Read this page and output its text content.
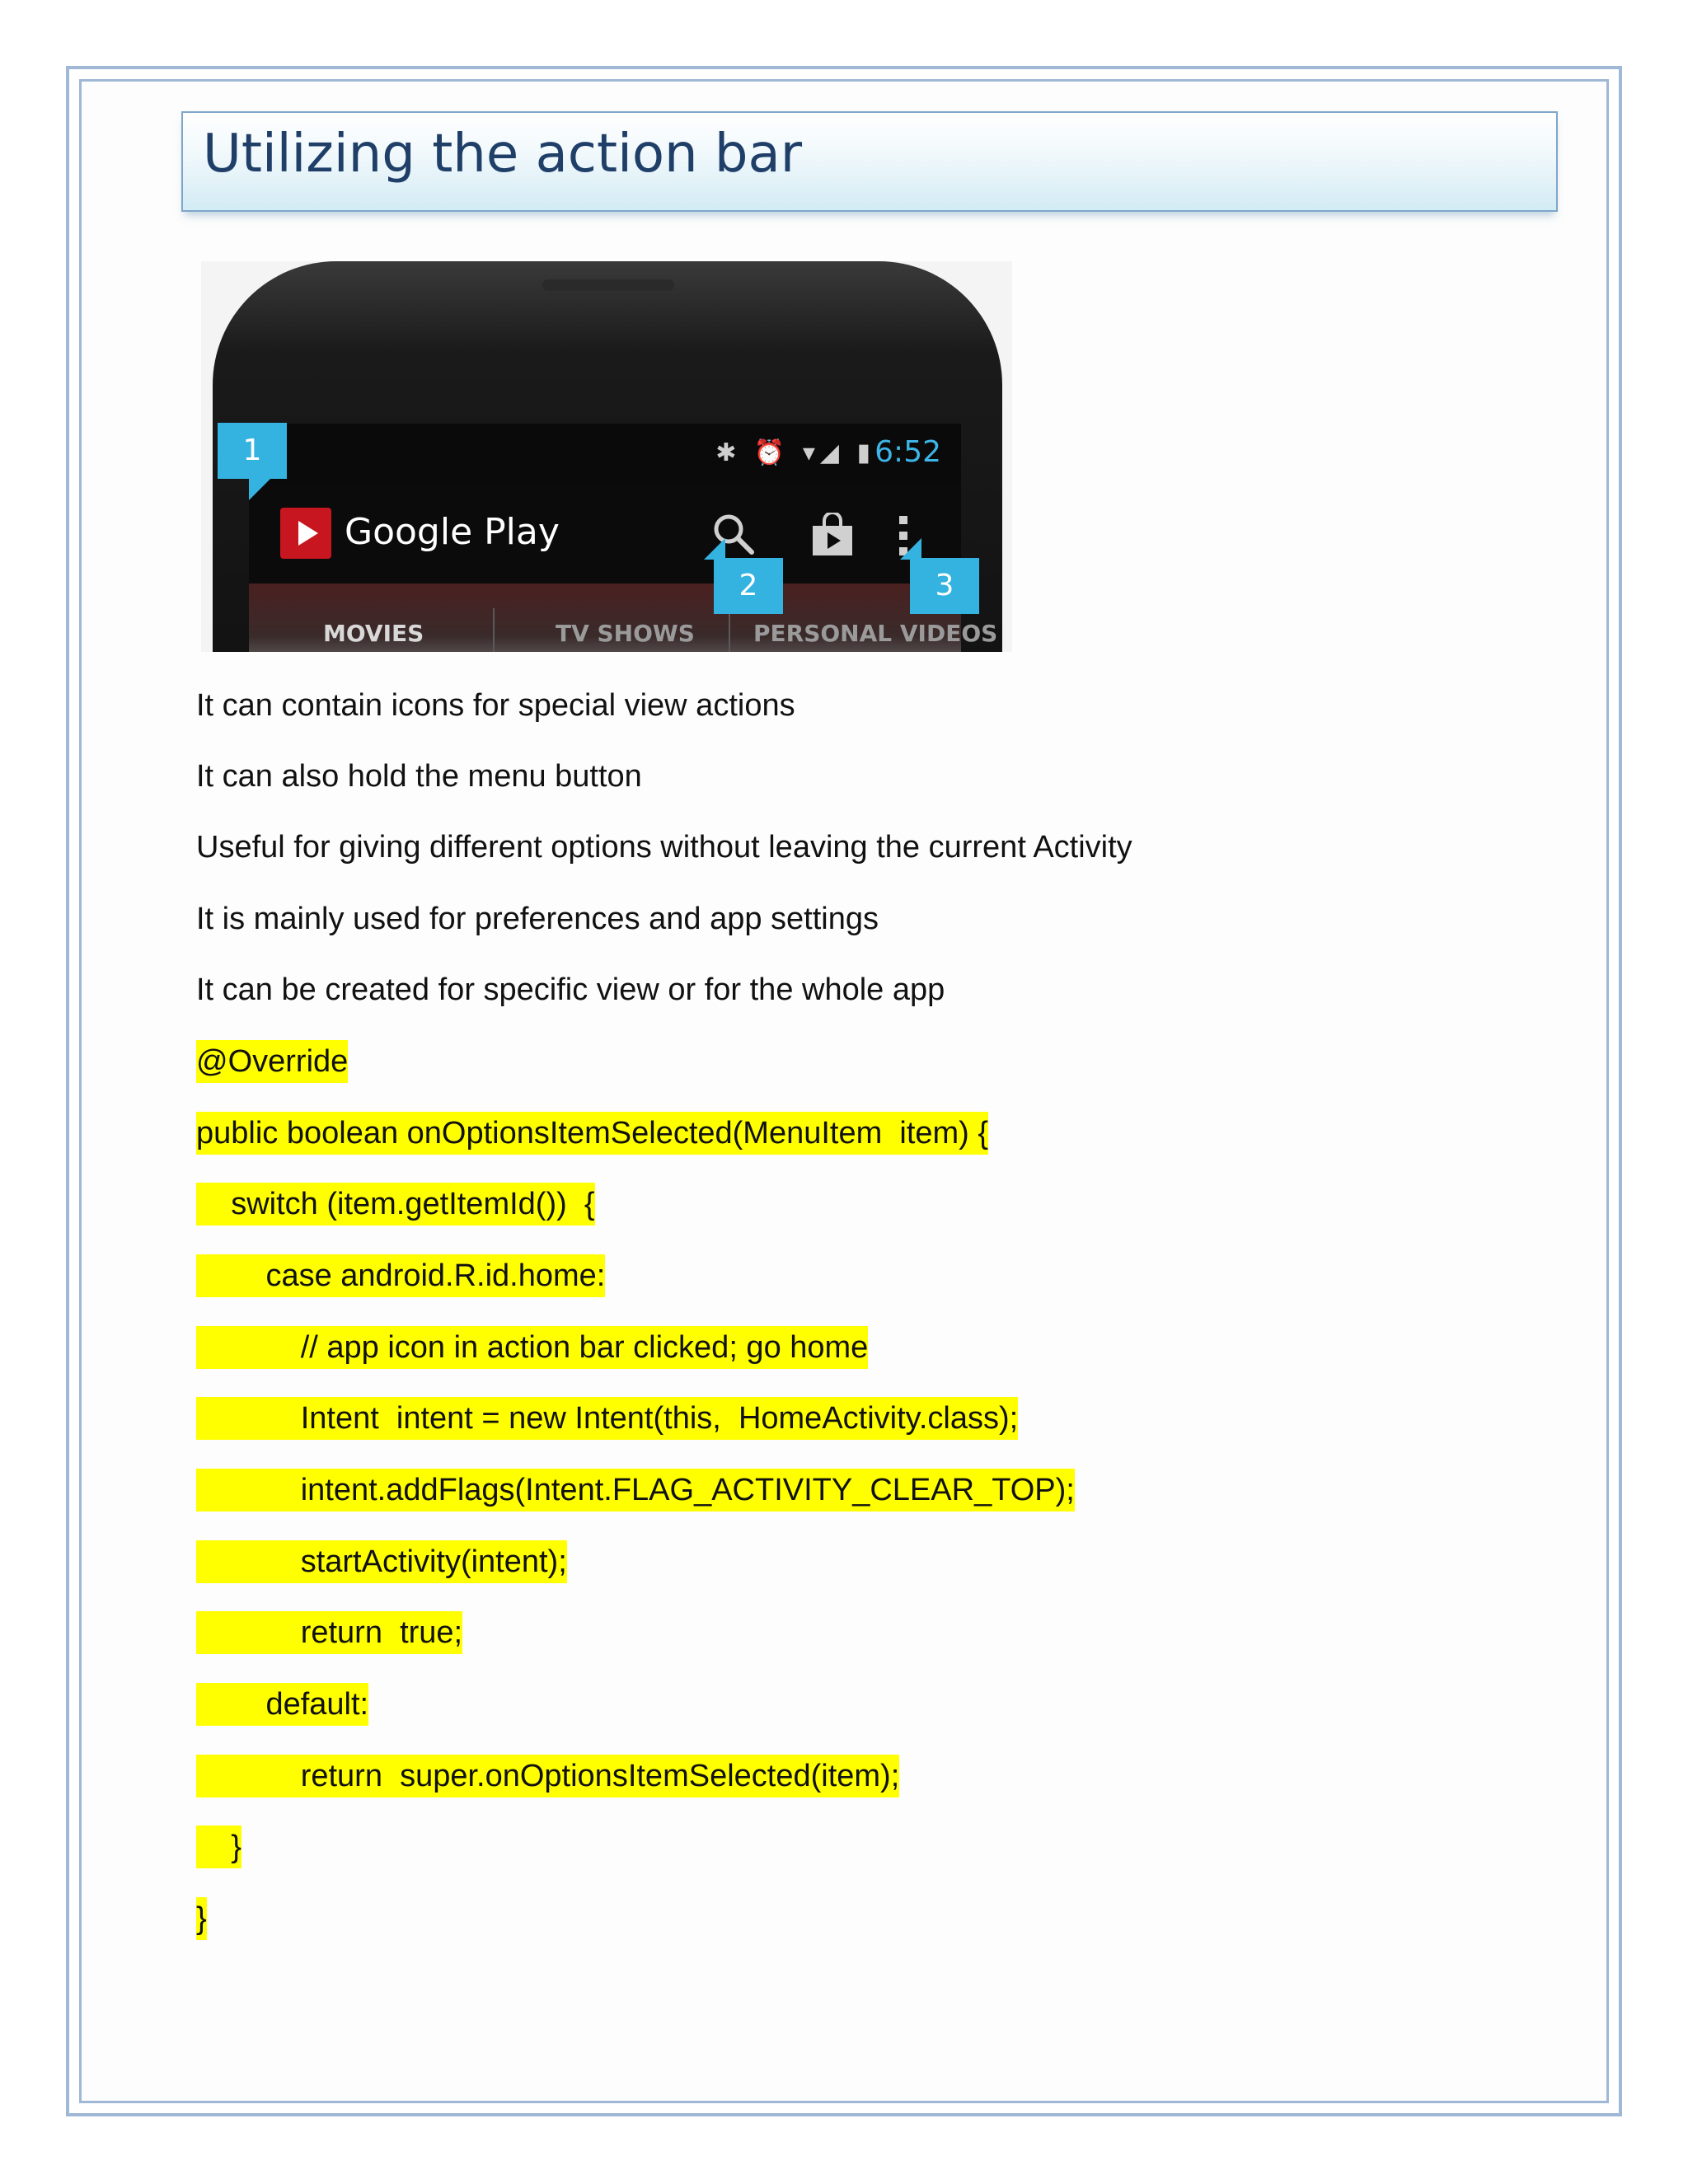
Utilizing the action bar
✱ ⏰ ▾◢ ▮ 6:52
Google Play
MOVIES	TV SHOWS	PERSONAL VIDEOS
1
2	3
It can contain icons for special view actions
It can also hold the menu button
Useful for giving different options without leaving the current Activity
It is mainly used for preferences and app settings
It can be created for specific view or for the whole app
@Override
public boolean onOptionsItemSelected(MenuItem  item) {
switch (item.getItemId())  {
case android.R.id.home:
// app icon in action bar clicked; go home
Intent  intent = new Intent(this,  HomeActivity.class);
intent.addFlags(Intent.FLAG_ACTIVITY_CLEAR_TOP);
startActivity(intent);
return  true;
default:
return  super.onOptionsItemSelected(item);
}
}
